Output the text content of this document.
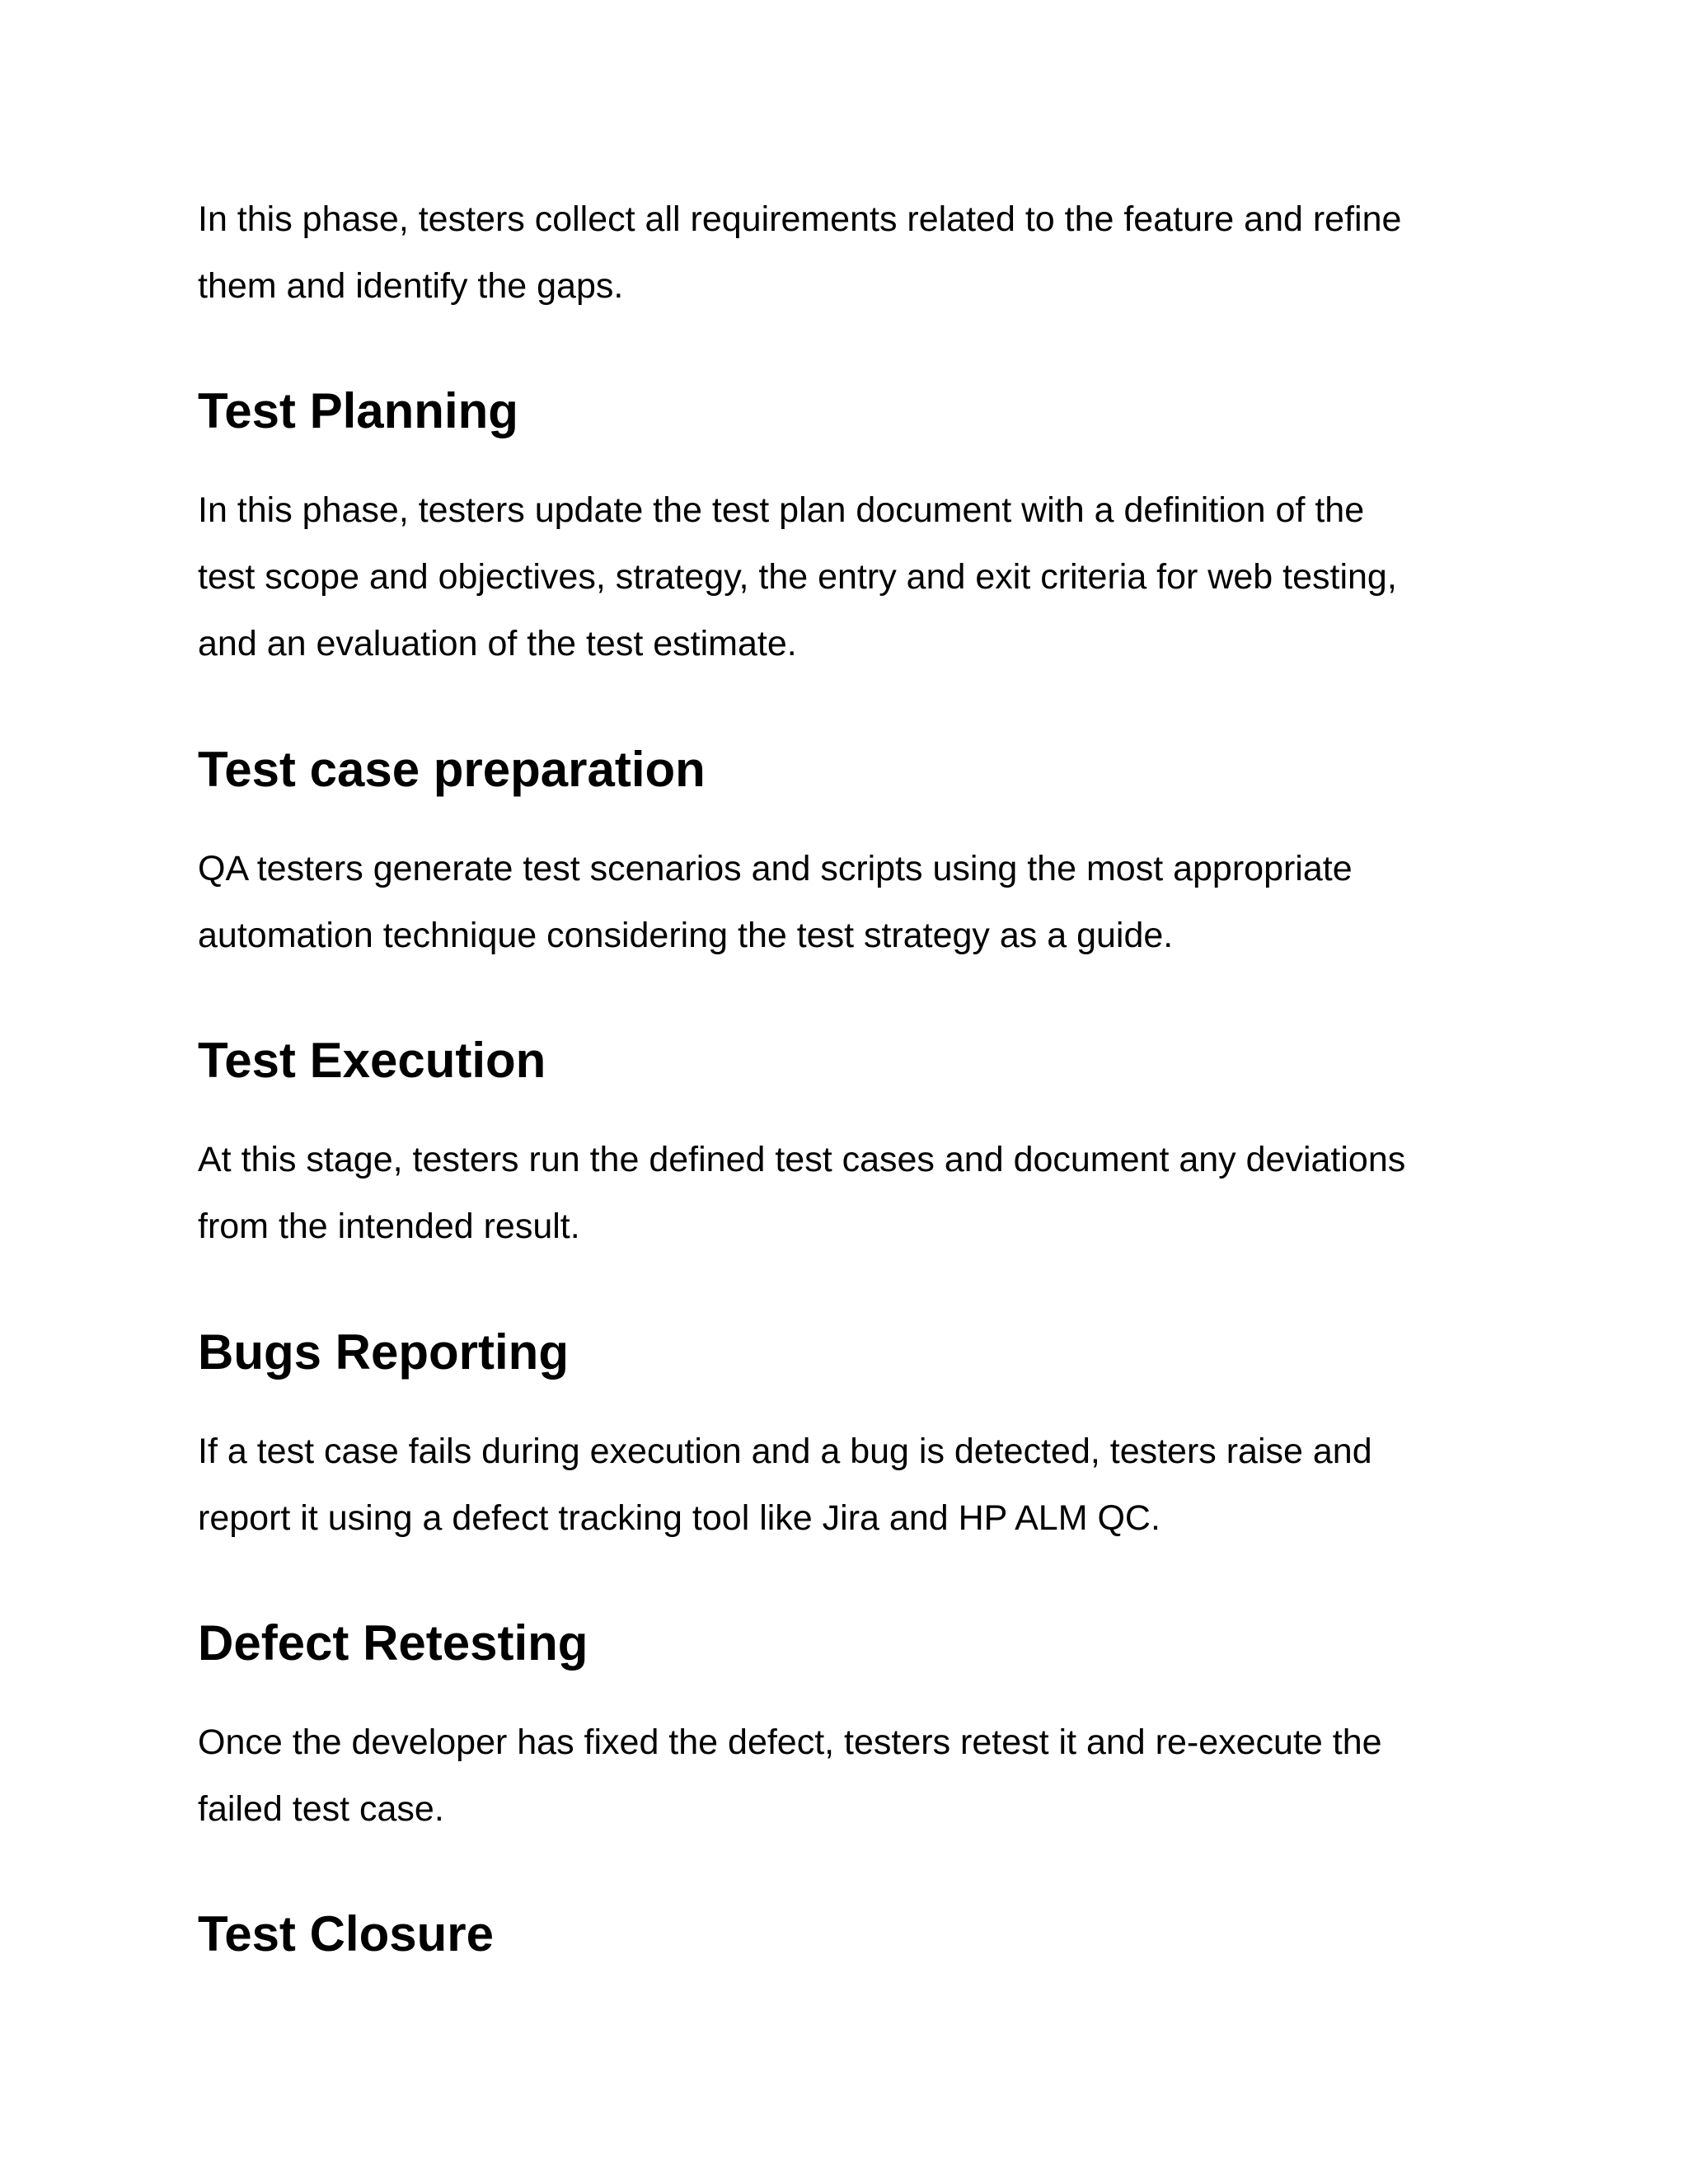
In this phase, testers collect all requirements related to the feature and refine
them and identify the gaps.

Test Planning

In this phase, testers update the test plan document with a definition of the
test scope and objectives, strategy, the entry and exit criteria for web testing,
and an evaluation of the test estimate.

Test case preparation

QA testers generate test scenarios and scripts using the most appropriate
automation technique considering the test strategy as a guide.

Test Execution

At this stage, testers run the defined test cases and document any deviations
from the intended result.

Bugs Reporting

If a test case fails during execution and a bug is detected, testers raise and
report it using a defect tracking tool like Jira and HP ALM QC.

Defect Retesting

Once the developer has fixed the defect, testers retest it and re-execute the
failed test case.

Test Closure
